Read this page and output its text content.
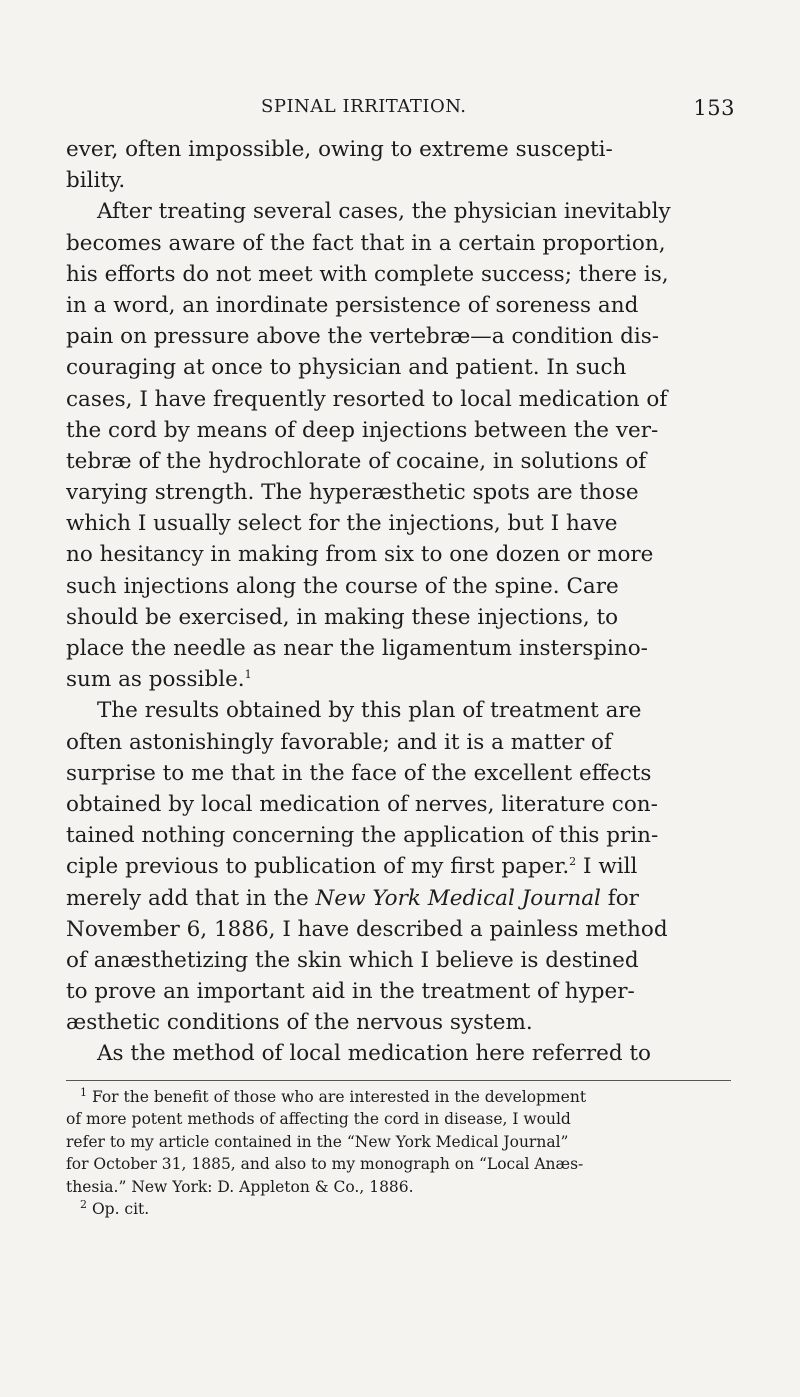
SPINAL IRRITATION.	153
ever, often impossible, owing to extreme suscepti-
bility.
After treating several cases, the physician inevitably
becomes aware of the fact that in a certain proportion,
his efforts do not meet with complete success; there is,
in a word, an inordinate persistence of soreness and
pain on pressure above the vertebræ—a condition dis-
couraging at once to physician and patient. In such
cases, I have frequently resorted to local medication of
the cord by means of deep injections between the ver-
tebræ of the hydrochlorate of cocaine, in solutions of
varying strength. The hyperæsthetic spots are those
which I usually select for the injections, but I have
no hesitancy in making from six to one dozen or more
such injections along the course of the spine. Care
should be exercised, in making these injections, to
place the needle as near the ligamentum insterspino-
sum as possible.$^1$
The results obtained by this plan of treatment are
often astonishingly favorable; and it is a matter of
surprise to me that in the face of the excellent effects
obtained by local medication of nerves, literature con-
tained nothing concerning the application of this prin-
ciple previous to publication of my first paper.$^2$ I will
merely add that in the New York Medical Journal for
November 6, 1886, I have described a painless method
of anæsthetizing the skin which I believe is destined
to prove an important aid in the treatment of hyper-
æsthetic conditions of the nervous system.
As the method of local medication here referred to
$^1$ For the benefit of those who are interested in the development
of more potent methods of affecting the cord in disease, I would
refer to my article contained in the “New York Medical Journal”
for October 31, 1885, and also to my monograph on “Local Anæs-
thesia.” New York: D. Appleton & Co., 1886.
$^2$ Op. cit.
